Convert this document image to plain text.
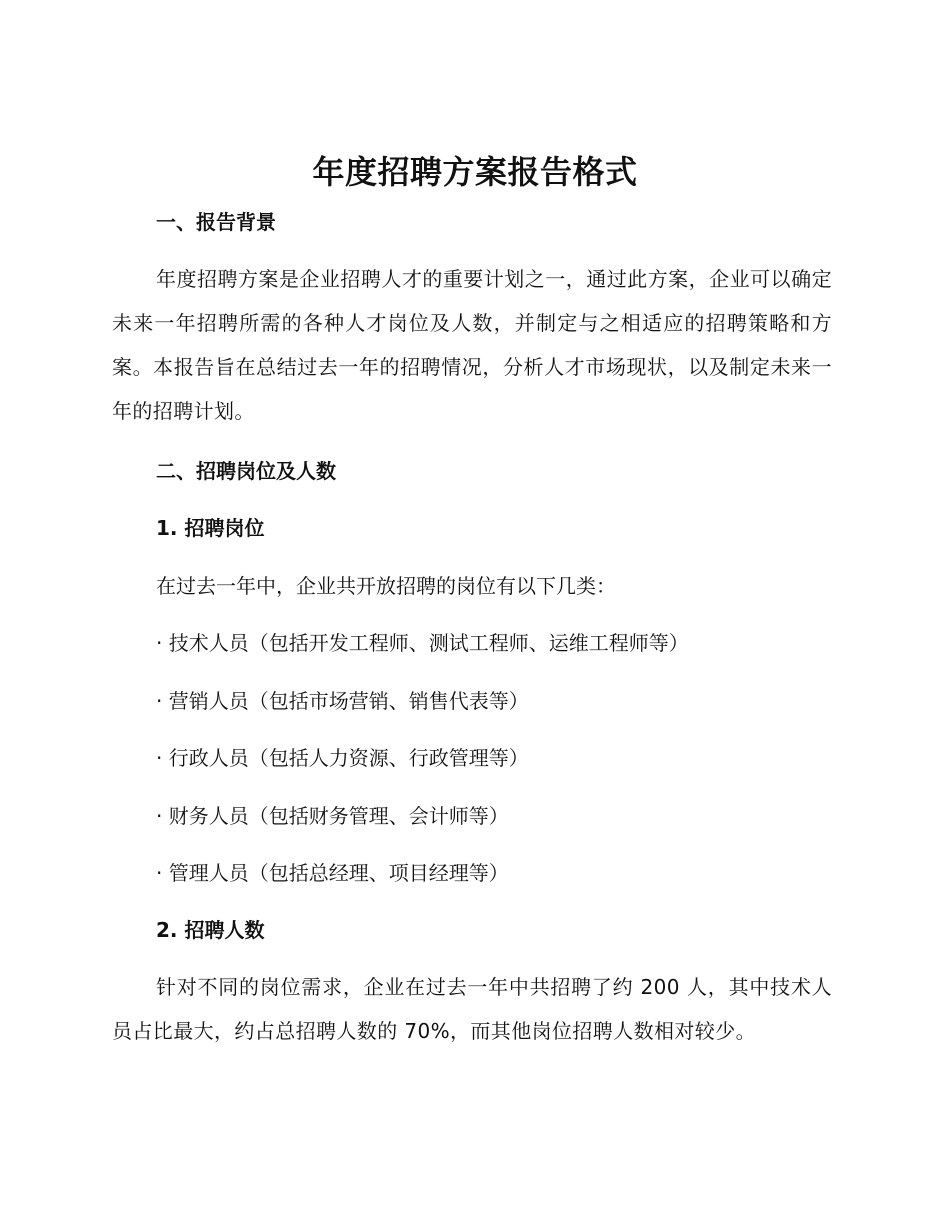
年度招聘方案报告格式
一、报告背景
年度招聘方案是企业招聘人才的重要计划之一，通过此方案，企业可以确定未来一年招聘所需的各种人才岗位及人数，并制定与之相适应的招聘策略和方案。本报告旨在总结过去一年的招聘情况，分析人才市场现状，以及制定未来一年的招聘计划。
二、招聘岗位及人数
1. 招聘岗位
在过去一年中，企业共开放招聘的岗位有以下几类：
· 技术人员（包括开发工程师、测试工程师、运维工程师等）
· 营销人员（包括市场营销、销售代表等）
· 行政人员（包括人力资源、行政管理等）
· 财务人员（包括财务管理、会计师等）
· 管理人员（包括总经理、项目经理等）
2. 招聘人数
针对不同的岗位需求，企业在过去一年中共招聘了约 200 人，其中技术人员占比最大，约占总招聘人数的 70%，而其他岗位招聘人数相对较少。
